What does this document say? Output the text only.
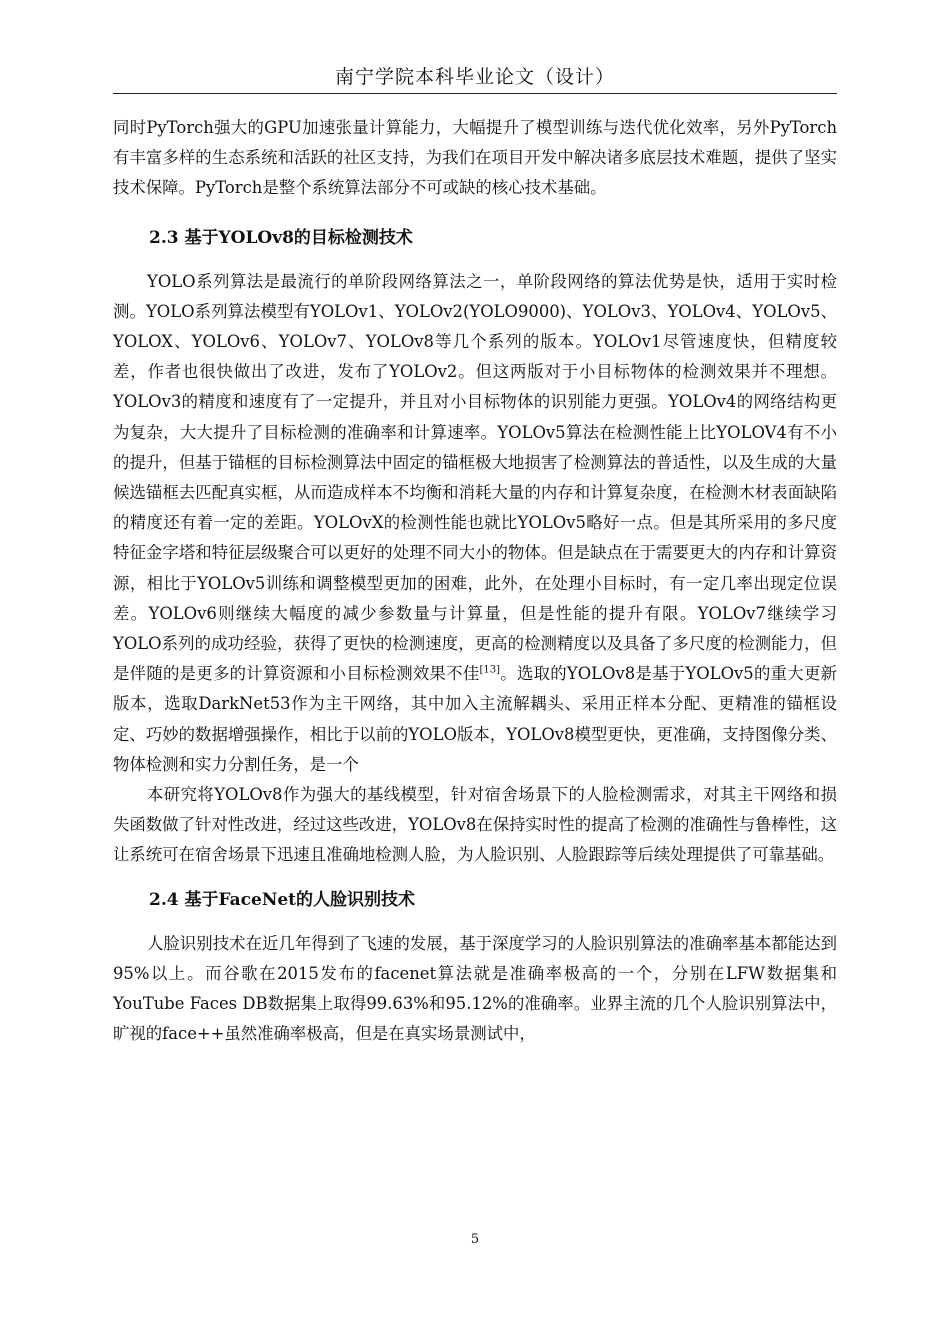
南宁学院本科毕业论文（设计）

同时PyTorch强大的GPU加速张量计算能力，大幅提升了模型训练与迭代优化效率，另外PyTorch有丰富多样的生态系统和活跃的社区支持，为我们在项目开发中解决诸多底层技术难题，提供了坚实技术保障。PyTorch是整个系统算法部分不可或缺的核心技术基础。

2.3 基于YOLOv8的目标检测技术

YOLO系列算法是最流行的单阶段网络算法之一，单阶段网络的算法优势是快，适用于实时检测。YOLO系列算法模型有YOLOv1、YOLOv2(YOLO9000)、YOLOv3、YOLOv4、YOLOv5、YOLOX、YOLOv6、YOLOv7、YOLOv8等几个系列的版本。YOLOv1尽管速度快，但精度较差，作者也很快做出了改进，发布了YOLOv2。但这两版对于小目标物体的检测效果并不理想。YOLOv3的精度和速度有了一定提升，并且对小目标物体的识别能力更强。YOLOv4的网络结构更为复杂，大大提升了目标检测的准确率和计算速率。YOLOv5算法在检测性能上比YOLOV4有不小的提升，但基于锚框的目标检测算法中固定的锚框极大地损害了检测算法的普适性，以及生成的大量候选锚框去匹配真实框，从而造成样本不均衡和消耗大量的内存和计算复杂度，在检测木材表面缺陷的精度还有着一定的差距。YOLOvX的检测性能也就比YOLOv5略好一点。但是其所采用的多尺度特征金字塔和特征层级聚合可以更好的处理不同大小的物体。但是缺点在于需要更大的内存和计算资源，相比于YOLOv5训练和调整模型更加的困难，此外，在处理小目标时，有一定几率出现定位误差。YOLOv6则继续大幅度的减少参数量与计算量，但是性能的提升有限。YOLOv7继续学习YOLO系列的成功经验，获得了更快的检测速度，更高的检测精度以及具备了多尺度的检测能力，但是伴随的是更多的计算资源和小目标检测效果不佳[13]。选取的YOLOv8是基于YOLOv5的重大更新版本，选取DarkNet53作为主干网络，其中加入主流解耦头、采用正样本分配、更精准的锚框设定、巧妙的数据增强操作，相比于以前的YOLO版本，YOLOv8模型更快，更准确，支持图像分类、物体检测和实力分割任务，是一个

本研究将YOLOv8作为强大的基线模型，针对宿舍场景下的人脸检测需求，对其主干网络和损失函数做了针对性改进，经过这些改进，YOLOv8在保持实时性的提高了检测的准确性与鲁棒性，这让系统可在宿舍场景下迅速且准确地检测人脸，为人脸识别、人脸跟踪等后续处理提供了可靠基础。

2.4 基于FaceNet的人脸识别技术

人脸识别技术在近几年得到了飞速的发展，基于深度学习的人脸识别算法的准确率基本都能达到95%以上。而谷歌在2015发布的facenet算法就是准确率极高的一个，分别在LFW数据集和YouTube Faces DB数据集上取得99.63%和95.12%的准确率。业界主流的几个人脸识别算法中，旷视的face++虽然准确率极高，但是在真实场景测试中，

5
